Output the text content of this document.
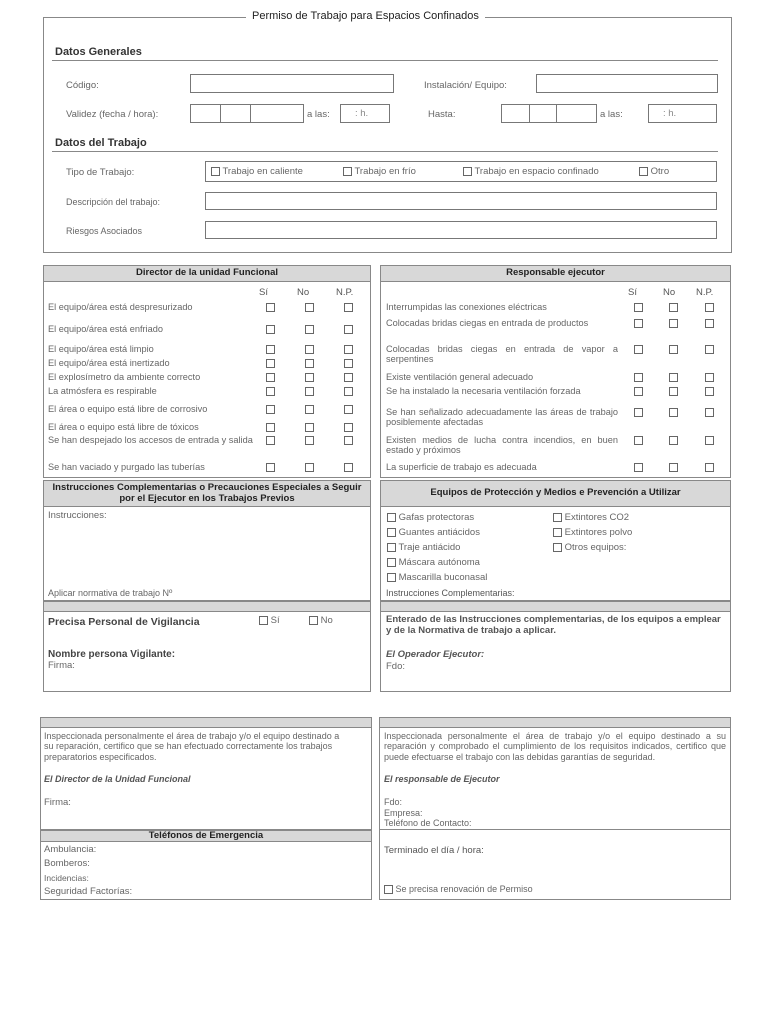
Permiso de Trabajo para Espacios Confinados
Datos Generales
Código:	Instalación/ Equipo:
Validez (fecha / hora):	a las:	: h.	Hasta:	a las:	: h.
Datos del Trabajo
Tipo de Trabajo:	Trabajo en caliente	Trabajo en frío	Trabajo en espacio confinado	Otro
Descripción del trabajo:
Riesgos Asociados
Director de la unidad Funcional	Responsable ejecutor
Sí	No	N.P.	Sí	No N.P.
El equipo/área está despresurizado
El equipo/área está enfriado
El equipo/área está limpio
El equipo/área está inertizado
El explosímetro da ambiente correcto
La atmósfera es respirable
El área o equipo está libre de corrosivo
El área o equipo está libre de tóxicos
Se han despejado los accesos de entrada y salida
Se han vaciado y purgado las tuberías
Interrumpidas las conexiones eléctricas
Colocadas bridas ciegas en entrada de productos
Colocadas bridas ciegas en entrada de vapor a serpentines
Existe ventilación general adecuado
Se ha instalado la necesaria ventilación forzada
Se han señalizado adecuadamente las áreas de trabajo posiblemente afectadas
Existen medios de lucha contra incendios, en buen estado y próximos
La superficie de trabajo es adecuada
Instrucciones Complementarias o Precauciones Especiales a Seguir por el Ejecutor en los Trabajos Previos
Instrucciones:
Aplicar normativa de trabajo Nº
Equipos de Protección y Medios e Prevención a Utilizar
Gafas protectoras
Guantes antiácidos
Traje antiácido
Máscara autónoma
Mascarilla buconasal
Extintores CO2
Extintores polvo
Otros equipos:
Instrucciones Complementarias:
Precisa Personal de Vigilancia	Sí	No
Nombre persona Vigilante:
Firma:
Enterado de las Instrucciones complementarias, de los equipos a emplear y de la Normativa de trabajo a aplicar.
El Operador Ejecutor:
Fdo:
Inspeccionada personalmente el área de trabajo y/o el equipo destinado a su reparación, certifico que se han efectuado correctamente los trabajos preparatorios especificados.
El Director de la Unidad Funcional
Firma:
Inspeccionada personalmente el área de trabajo y/o el equipo destinado a su reparación y comprobado el cumplimiento de los requisitos indicados, certifico que puede efectuarse el trabajo con las debidas garantías de seguridad.
El responsable de Ejecutor
Fdo:
Empresa:
Teléfono de Contacto:
Teléfonos de Emergencia
Ambulancia:
Bomberos:
Incidencias:
Seguridad Factorías:
Terminado el día / hora:
Se precisa renovación de Permiso
